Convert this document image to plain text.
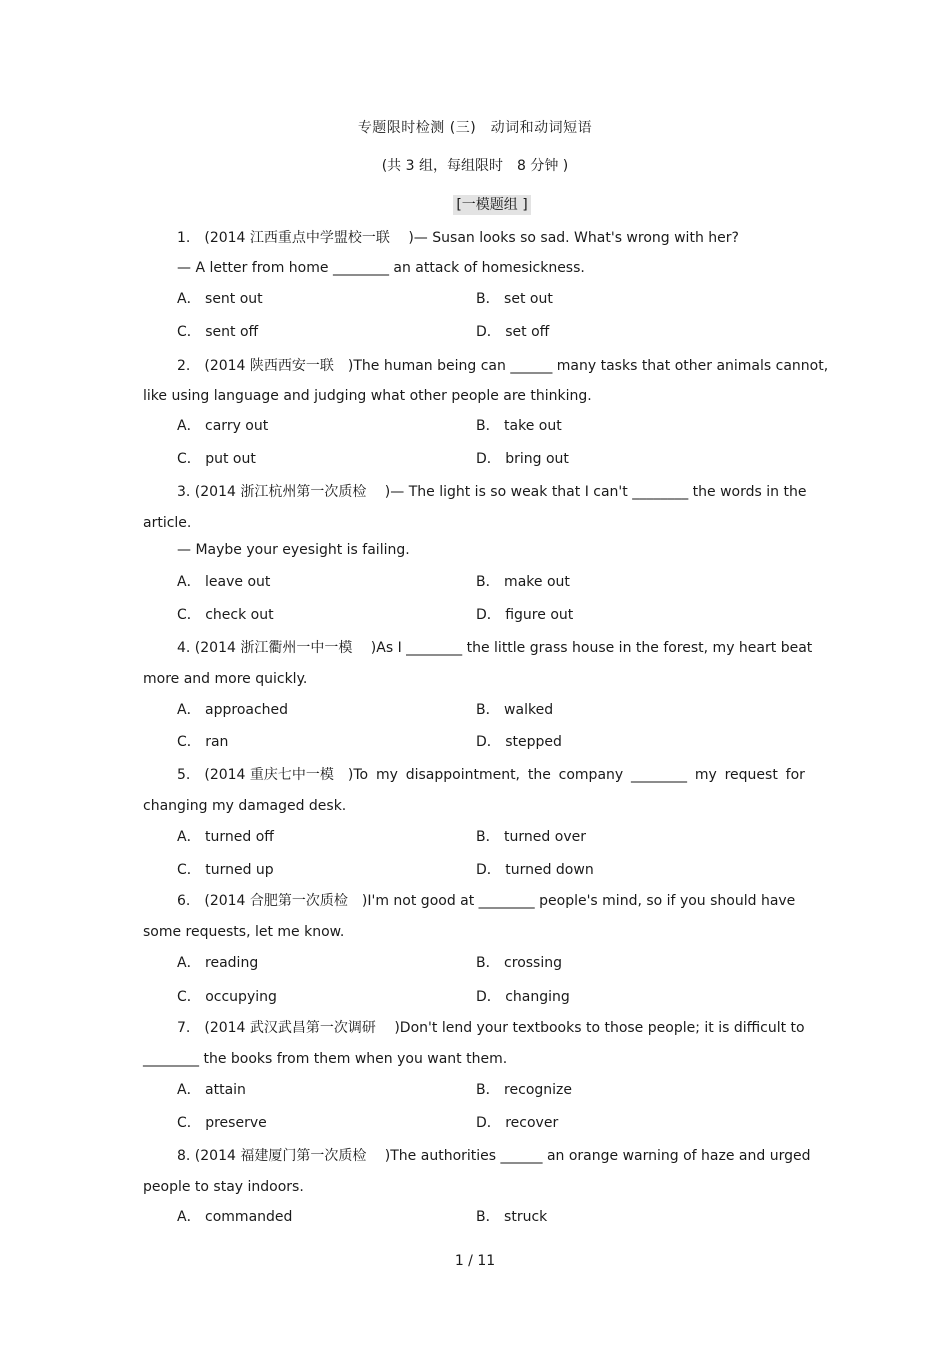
专题限时检测 (三)　动词和动词短语
(共 3 组，每组限时　8 分钟 )
[一模题组 ]
1.　(2014 江西重点中学盟校一联　 )— Susan looks so sad. What's wrong with her?
— A letter from home ________ an attack of homesickness.
A． sent out	B． set out
C． sent off	D． set off
2.　(2014 陕西西安一联　)The human being can ______ many tasks that other animals cannot,
like using language and judging what other people are thinking.
A． carry out	B． take out
C． put out	D． bring out
3. (2014 浙江杭州第一次质检　 )— The light is so weak that I can't ________ the words in the
article.
— Maybe your eyesight is failing.
A． leave out	B． make out
C． check out	D． figure out
4. (2014 浙江衢州一中一模　 )As I ________ the little grass house in the forest, my heart beat
more and more quickly.
A． approached	B． walked
C． ran	D． stepped
5.　(2014 重庆七中一模　)To my disappointment, the company ________ my request for
changing my damaged desk.
A． turned off	B． turned over
C． turned up	D． turned down
6.　(2014 合肥第一次质检　)I'm not good at ________ people's mind, so if you should have
some requests, let me know.
A． reading	B． crossing
C． occupying	D． changing
7.　(2014 武汉武昌第一次调研　 )Don't lend your textbooks to those people; it is difficult to
________ the books from them when you want them.
A． attain	B． recognize
C． preserve	D． recover
8. (2014 福建厦门第一次质检　 )The authorities ______ an orange warning of haze and urged
people to stay indoors.
A． commanded	B． struck
1 / 11
